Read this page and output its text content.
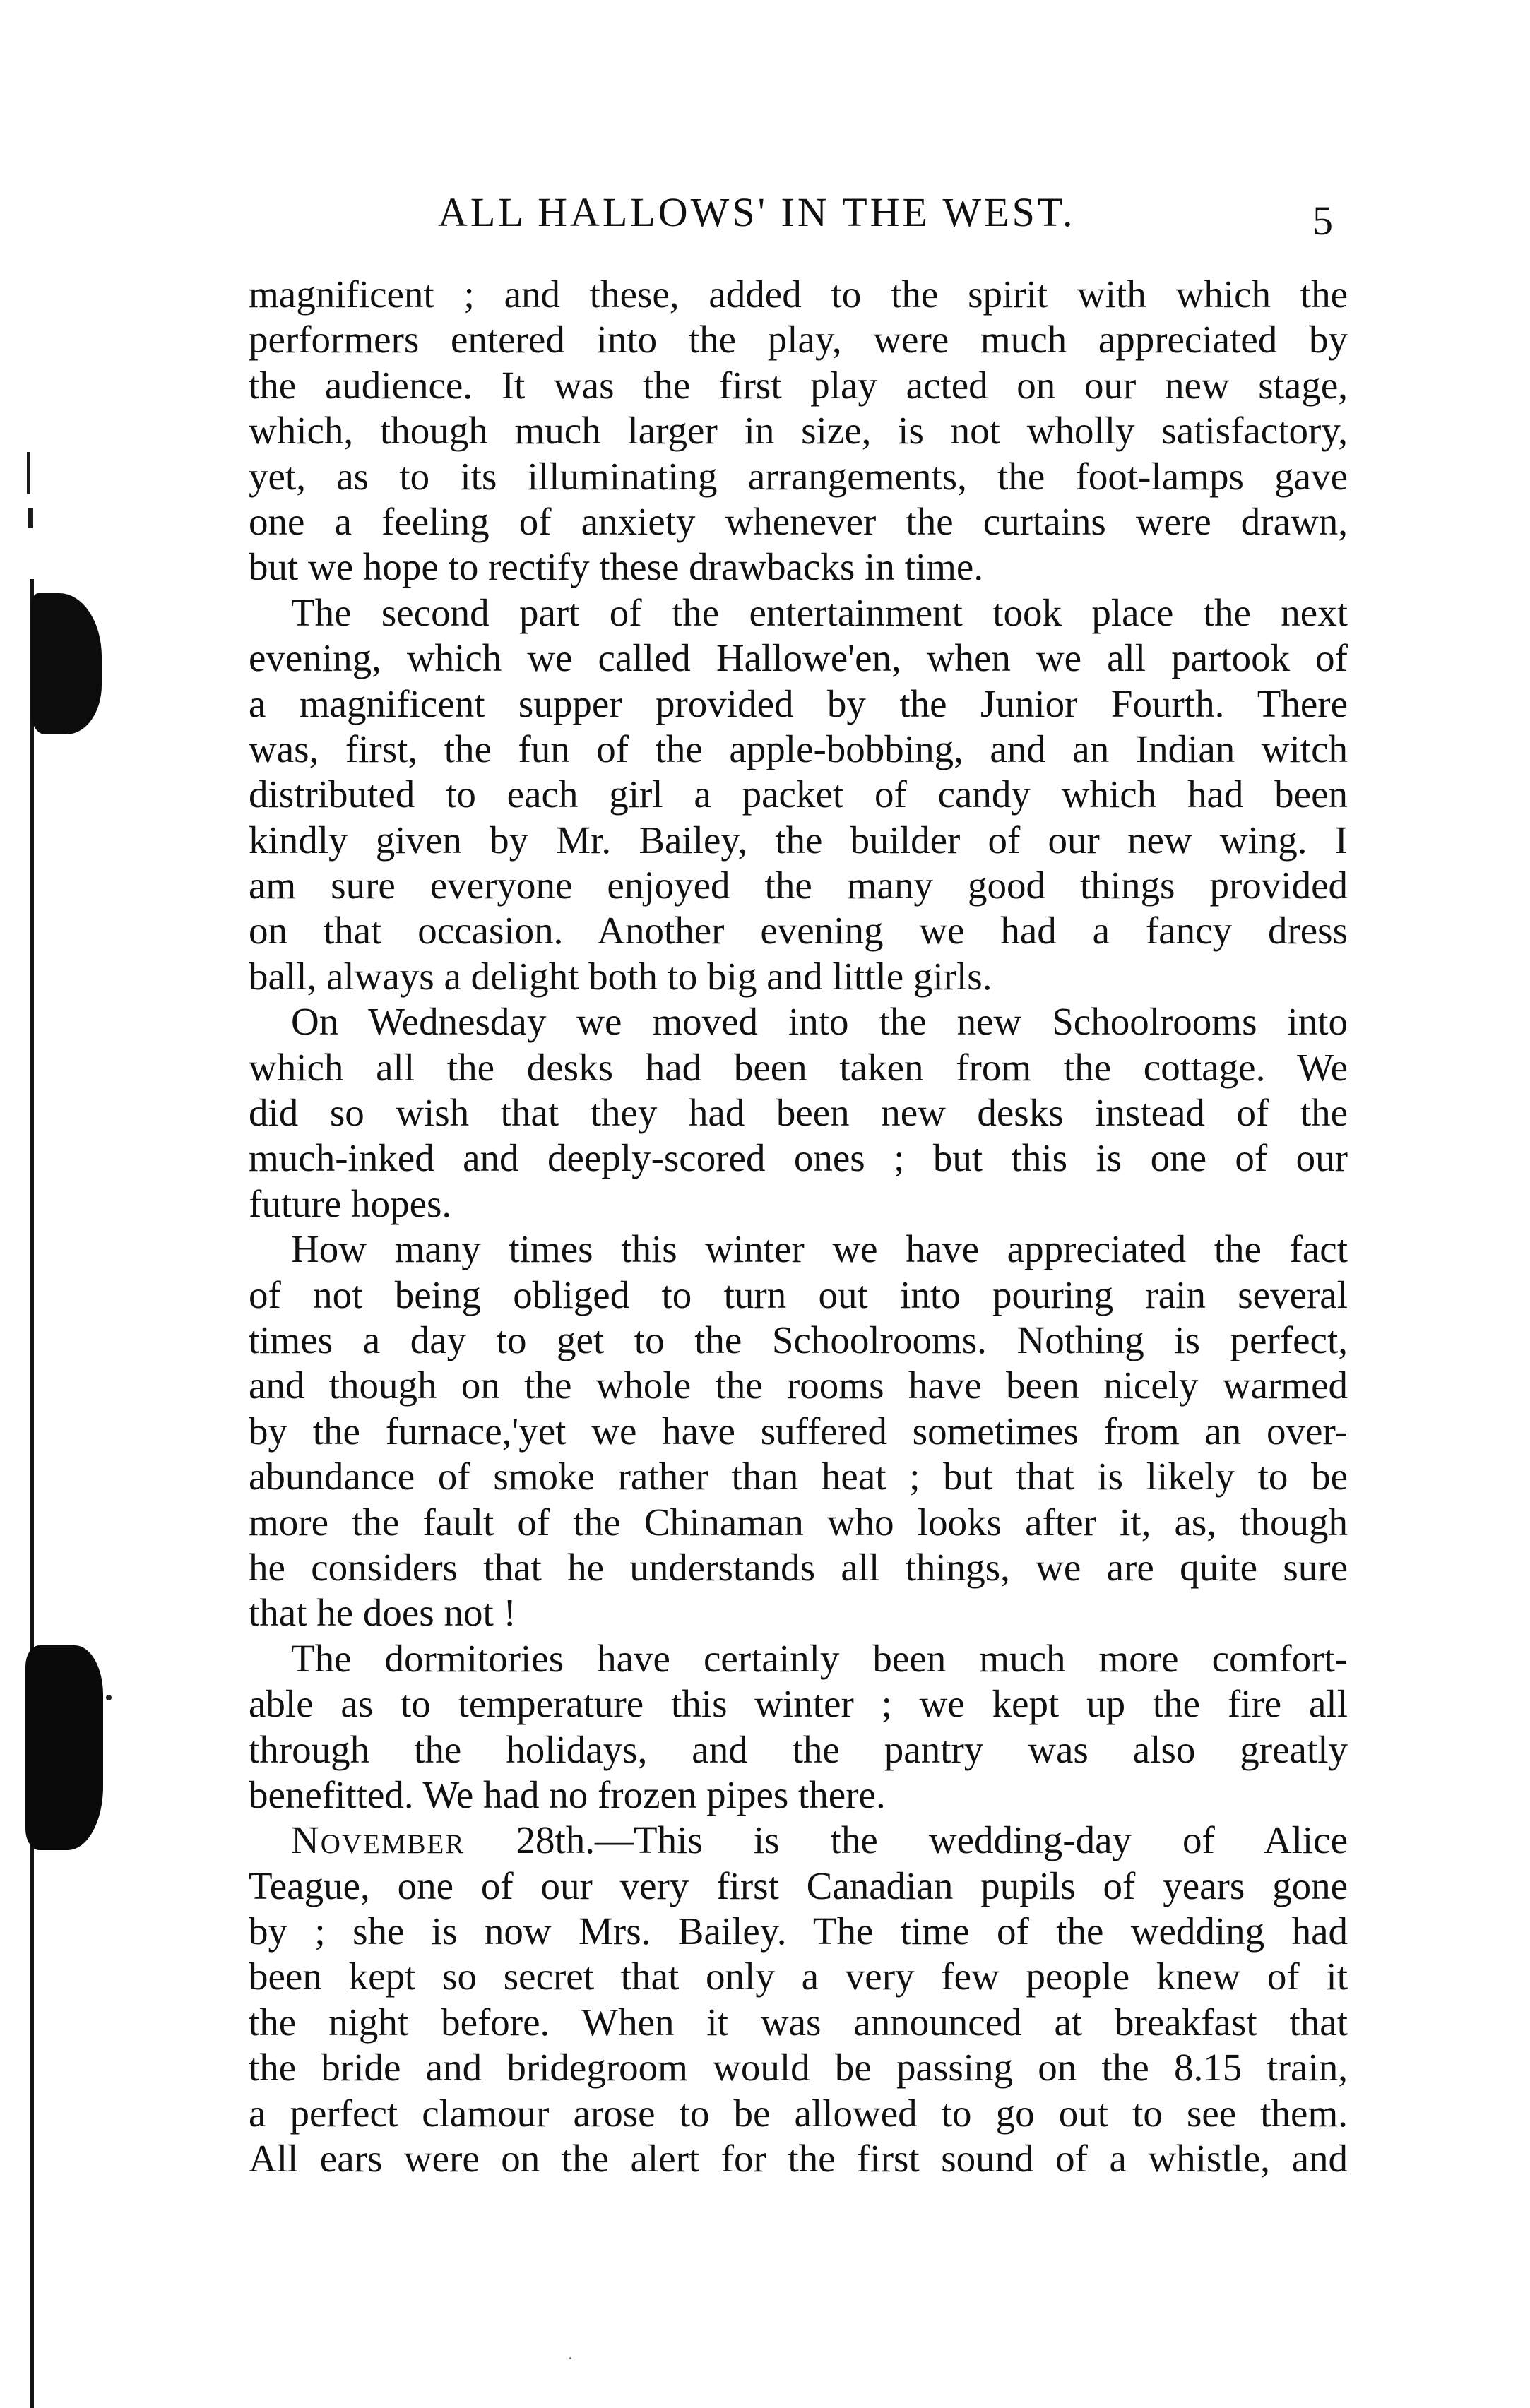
ALL HALLOWS' IN THE WEST.	5
magnificent ; and these, added to the spirit with which the
performers entered into the play, were much appreciated by
the audience. It was the first play acted on our new stage,
which, though much larger in size, is not wholly satisfactory,
yet, as to its illuminating arrangements, the foot-lamps gave
one a feeling of anxiety whenever the curtains were drawn,
but we hope to rectify these drawbacks in time.
The second part of the entertainment took place the next
evening, which we called Hallowe'en, when we all partook of
a magnificent supper provided by the Junior Fourth. There
was, first, the fun of the apple-bobbing, and an Indian witch
distributed to each girl a packet of candy which had been
kindly given by Mr. Bailey, the builder of our new wing. I
am sure everyone enjoyed the many good things provided
on that occasion. Another evening we had a fancy dress
ball, always a delight both to big and little girls.
On Wednesday we moved into the new Schoolrooms into
which all the desks had been taken from the cottage. We
did so wish that they had been new desks instead of the
much-inked and deeply-scored ones ; but this is one of our
future hopes.
How many times this winter we have appreciated the fact
of not being obliged to turn out into pouring rain several
times a day to get to the Schoolrooms. Nothing is perfect,
and though on the whole the rooms have been nicely warmed
by the furnace,'yet we have suffered sometimes from an over-
abundance of smoke rather than heat ; but that is likely to be
more the fault of the Chinaman who looks after it, as, though
he considers that he understands all things, we are quite sure
that he does not !
The dormitories have certainly been much more comfort-
able as to temperature this winter ; we kept up the fire all
through the holidays, and the pantry was also greatly
benefitted. We had no frozen pipes there.
November 28th.—This is the wedding-day of Alice
Teague, one of our very first Canadian pupils of years gone
by ; she is now Mrs. Bailey. The time of the wedding had
been kept so secret that only a very few people knew of it
the night before. When it was announced at breakfast that
the bride and bridegroom would be passing on the 8.15 train,
a perfect clamour arose to be allowed to go out to see them.
All ears were on the alert for the first sound of a whistle, and
